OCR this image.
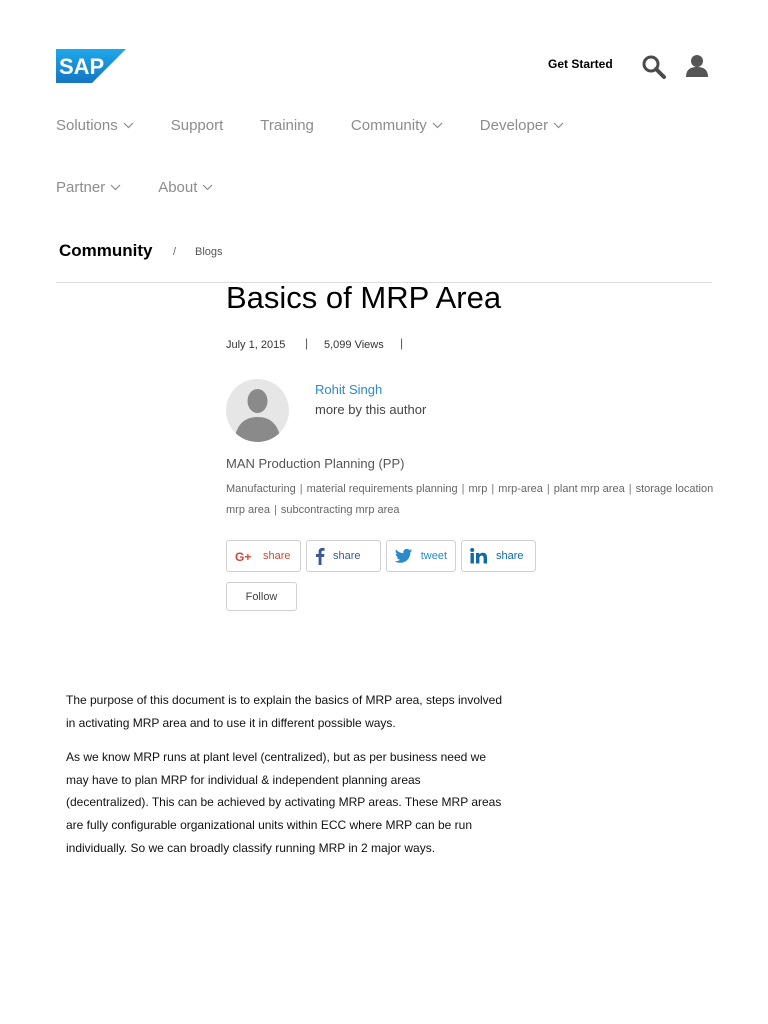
SAP	Get Started
Solutions	Support Training Community	Developer
Partner	About
Community / Blogs
Basics of MRP Area
July 1, 2015 | 5,099 Views |
Rohit Singh
more by this author
MAN Production Planning (PP)
Manufacturing | material requirements planning | mrp | mrp-area | plant mrp area | storage location mrp area | subcontracting mrp area
G+ sharе	sharе	tweet	sharе
Follow

The purpose of this document is to explain the basics of MRP area, steps involved in activating MRP area and to use it in different possible ways.

As we know MRP runs at plant level (centralized), but as per business need we may have to plan MRP for individual & independent planning areas (decentralized). This can be achieved by activating MRP areas. These MRP areas are fully configurable organizational units within ECC where MRP can be run individually. So we can broadly classify running MRP in 2 major ways.
